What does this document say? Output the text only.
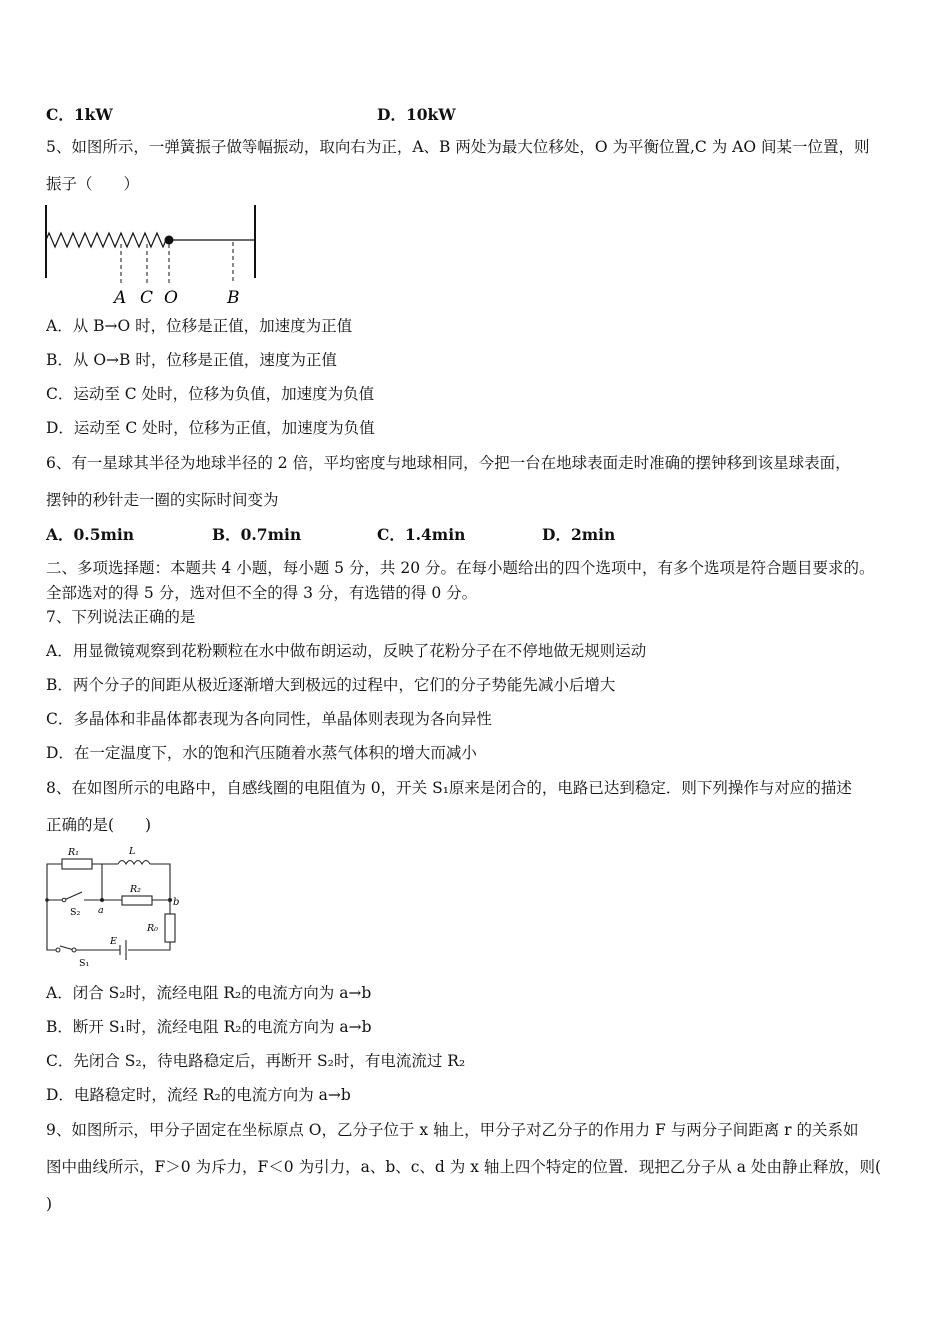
C．1kW	D．10kW
5、如图所示，一弹簧振子做等幅振动，取向右为正，A、B 两处为最大位移处，O 为平衡位置,C 为 AO 间某一位置，则
振子（　　）
A C O	B
A．从 B→O 时，位移是正值，加速度为正值
B．从 O→B 时，位移是正值，速度为正值
C．运动至 C 处时，位移为负值，加速度为负值
D．运动至 C 处时，位移为正值，加速度为负值
6、有一星球其半径为地球半径的 2 倍，平均密度与地球相同，今把一台在地球表面走时准确的摆钟移到该星球表面，
摆钟的秒针走一圈的实际时间变为
A．0.5min	B．0.7min	C．1.4min	D．2min
二、多项选择题：本题共 4 小题，每小题 5 分，共 20 分。在每小题给出的四个选项中，有多个选项是符合题目要求的。
全部选对的得 5 分，选对但不全的得 3 分，有选错的得 0 分。
7、下列说法正确的是
A．用显微镜观察到花粉颗粒在水中做布朗运动，反映了花粉分子在不停地做无规则运动
B．两个分子的间距从极近逐渐增大到极远的过程中，它们的分子势能先减小后增大
C．多晶体和非晶体都表现为各向同性，单晶体则表现为各向异性
D．在一定温度下，水的饱和汽压随着水蒸气体积的增大而减小
8、在如图所示的电路中，自感线圈的电阻值为 0，开关 S₁原来是闭合的，电路已达到稳定．则下列操作与对应的描述
正确的是(　　)
R₁	L
R₂
S₂ a
b
R₀
E
S₁
A．闭合 S₂时，流经电阻 R₂的电流方向为 a→b
B．断开 S₁时，流经电阻 R₂的电流方向为 a→b
C．先闭合 S₂，待电路稳定后，再断开 S₂时，有电流流过 R₂
D．电路稳定时，流经 R₂的电流方向为 a→b
9、如图所示，甲分子固定在坐标原点 O，乙分子位于 x 轴上，甲分子对乙分子的作用力 F 与两分子间距离 r 的关系如
图中曲线所示，F＞0 为斥力，F＜0 为引力，a、b、c、d 为 x 轴上四个特定的位置．现把乙分子从 a 处由静止释放，则(
)
